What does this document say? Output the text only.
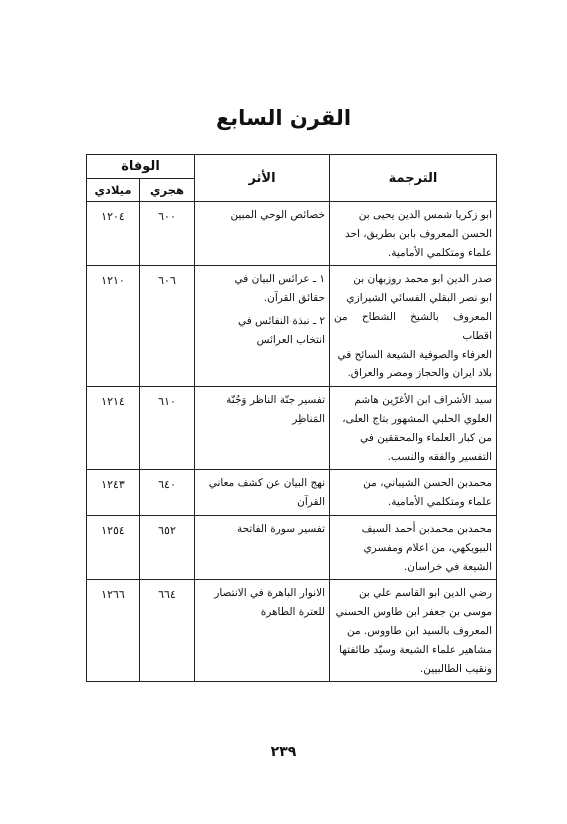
القرن السابع
الترجمة	الأثر	الوفاة	
		هجري	ميلادي

ابو زكريا شمس الدين يحيى بن
الحسن المعروف بابن بطريق، احد
علماء ومتكلمي الأمامية.	خصائص الوحي المبين	٦٠٠	١٢٠٤

صدر الدين ابو محمد روزبهان بن
ابو نصر البقلي الفسائي الشيرازي
المعروف بالشيخ الشطاح من اقطاب
العرفاء والصوفية الشيعة السائح في
بلاد ايران والحجاز ومصر والعراق.	١ ـ عرائس البيان في
حقائق القرآن.
٢ ـ نبذة النفائس في
انتخاب العرائس	٦٠٦	١٢١٠

سيد الأشراف ابن الأغرّين هاشم
العلوي الحلبي المشهور بتاج العلى،
من كبار العلماء والمحققين في
التفسير والفقه والنسب.	تفسير جنّة الناظر وَجُنّة
المَناظِر	٦١٠	١٢١٤

محمدبن الحسن الشيباني، من
علماء ومتكلمي الأمامية.	نهج البيان عن كشف معاني
القرآن	٦٤٠	١٢٤٣

محمدبن محمدبن أحمد السيف
البيويكهي، من اعلام ومفسري
الشيعة في خراسان.	تفسير سورة الفاتحة	٦٥٢	١٢٥٤

رضي الدين ابو القاسم علي بن
موسى بن جعفر ابن طاوس الحسني
المعروف بالسيد ابن طاووس. من
مشاهير علماء الشيعة وسيّد طائفتها
ونقيب الطالبيين.	الانوار الباهرة في الانتصار
للعترة الطاهرة	٦٦٤	١٢٦٦
٢٣٩
